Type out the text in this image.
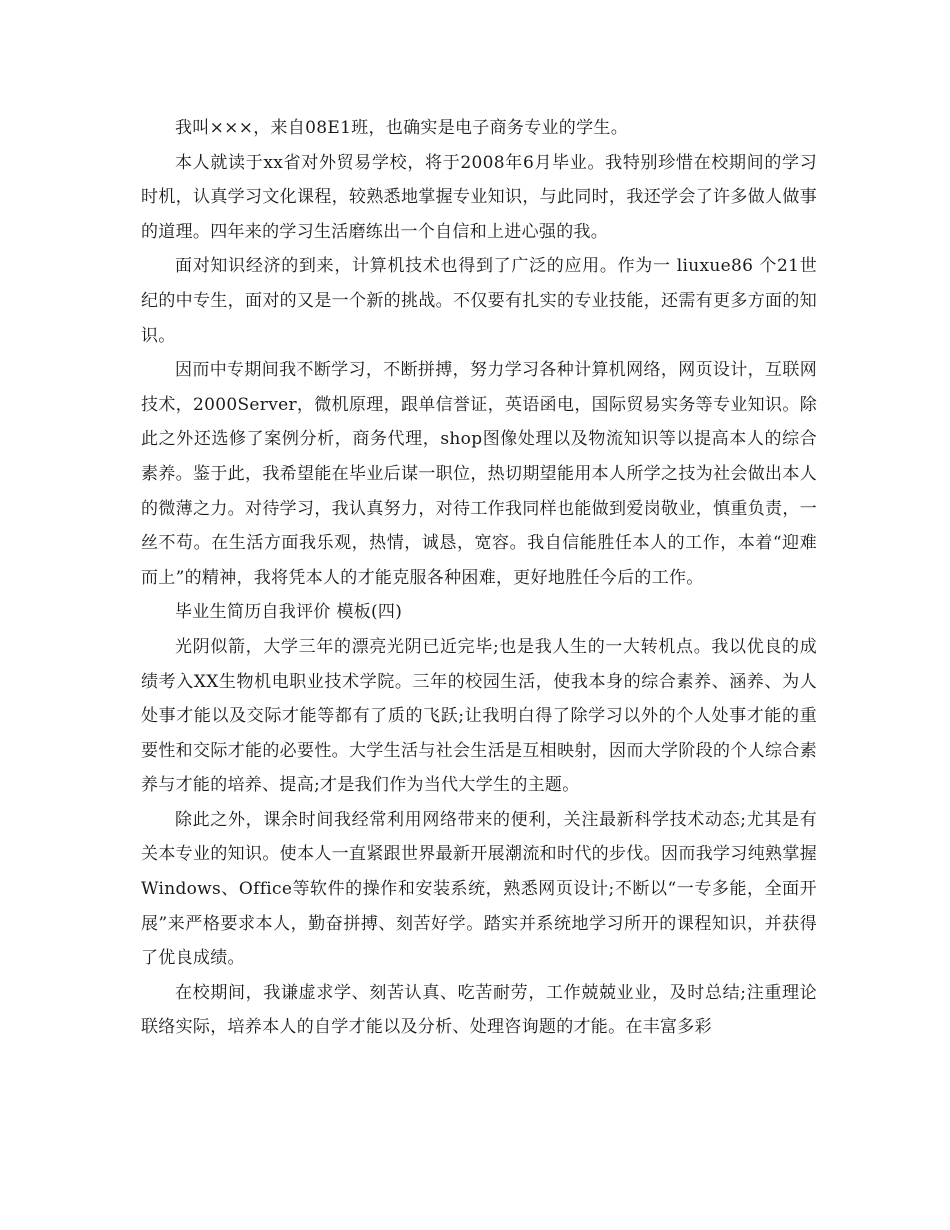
我叫×××，来自08E1班，也确实是电子商务专业的学生。

本人就读于xx省对外贸易学校，将于2008年6月毕业。我特别珍惜在校期间的学习时机，认真学习文化课程，较熟悉地掌握专业知识，与此同时，我还学会了许多做人做事的道理。四年来的学习生活磨练出一个自信和上进心强的我。

面对知识经济的到来，计算机技术也得到了广泛的应用。作为一 liuxue86 个21世纪的中专生，面对的又是一个新的挑战。不仅要有扎实的专业技能，还需有更多方面的知识。

因而中专期间我不断学习，不断拼搏，努力学习各种计算机网络，网页设计，互联网技术，2000Server，微机原理，跟单信誉证，英语函电，国际贸易实务等专业知识。除此之外还选修了案例分析，商务代理，shop图像处理以及物流知识等以提高本人的综合素养。鉴于此，我希望能在毕业后谋一职位，热切期望能用本人所学之技为社会做出本人的微薄之力。对待学习，我认真努力，对待工作我同样也能做到爱岗敬业，慎重负责，一丝不苟。在生活方面我乐观，热情，诚恳，宽容。我自信能胜任本人的工作，本着“迎难而上”的精神，我将凭本人的才能克服各种困难，更好地胜任今后的工作。

毕业生简历自我评价 模板(四)

光阴似箭，大学三年的漂亮光阴已近完毕;也是我人生的一大转机点。我以优良的成绩考入XX生物机电职业技术学院。三年的校园生活，使我本身的综合素养、涵养、为人处事才能以及交际才能等都有了质的飞跃;让我明白得了除学习以外的个人处事才能的重要性和交际才能的必要性。大学生活与社会生活是互相映射，因而大学阶段的个人综合素养与才能的培养、提高;才是我们作为当代大学生的主题。

除此之外，课余时间我经常利用网络带来的便利，关注最新科学技术动态;尤其是有关本专业的知识。使本人一直紧跟世界最新开展潮流和时代的步伐。因而我学习纯熟掌握Windows、Office等软件的操作和安装系统，熟悉网页设计;不断以“一专多能，全面开展”来严格要求本人，勤奋拼搏、刻苦好学。踏实并系统地学习所开的课程知识，并获得了优良成绩。

在校期间，我谦虚求学、刻苦认真、吃苦耐劳，工作兢兢业业，及时总结;注重理论联络实际，培养本人的自学才能以及分析、处理咨询题的才能。在丰富多彩
